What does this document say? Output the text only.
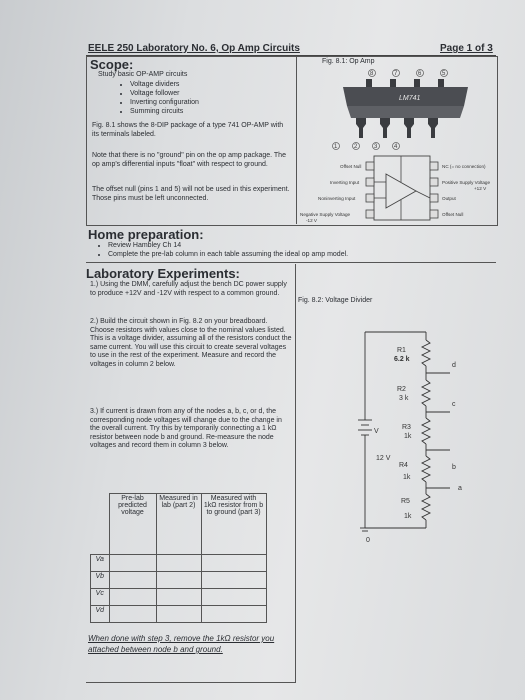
EELE 250 Laboratory No. 6, Op Amp Circuits	Page 1 of 3
Scope:
Study basic OP-AMP circuits
• Voltage dividers
• Voltage follower
• Inverting configuration
• Summing circuits
Fig. 8.1 shows the 8-DIP package of a type 741 OP-AMP with its terminals labeled.
Note that there is no "ground" pin on the op amp package. The op amp's differential inputs "float" with respect to ground.
The offset null (pins 1 and 5) will not be used in this experiment. Those pins must be left unconnected.
Fig. 8.1: Op Amp
8	7	6	5
LM741
1	2	3	4
Offset Null
Inverting Input
Noninverting Input
Negative Supply Voltage
-12 V
NC (= no connection)
Positive Supply Voltage
+12 V
Output
Offset Null
Home preparation:
• Review Hambley Ch 14
• Complete the pre-lab column in each table assuming the ideal op amp model.
Laboratory Experiments:
1.) Using the DMM, carefully adjust the bench DC power supply to produce +12V and -12V with respect to a common ground.
2.) Build the circuit shown in Fig. 8.2 on your breadboard. Choose resistors with values close to the nominal values listed. This is a voltage divider, assuming all of the resistors conduct the same current. You will use this circuit to create several voltages to use in the rest of the experiment. Measure and record the voltages in column 2 below.
3.) If current is drawn from any of the nodes a, b, c, or d, the corresponding node voltages will change due to the change in the overall current. Try this by temporarily connecting a 1 kΩ resistor between node b and ground. Re-measure the node voltages and record them in column 3 below.
Fig. 8.2: Voltage Divider
R1
6.2 k
R2
3 k
R3
1k
R4
1k
R5
1k
d
c
b
a
12 V
V
0
	Pre-lab predicted voltage	Measured in lab (part 2)	Measured with 1kΩ resistor from b to ground (part 3)
Va			
Vb			
Vc			
Vd			
When done with step 3, remove the 1kΩ resistor you attached between node b and ground.
